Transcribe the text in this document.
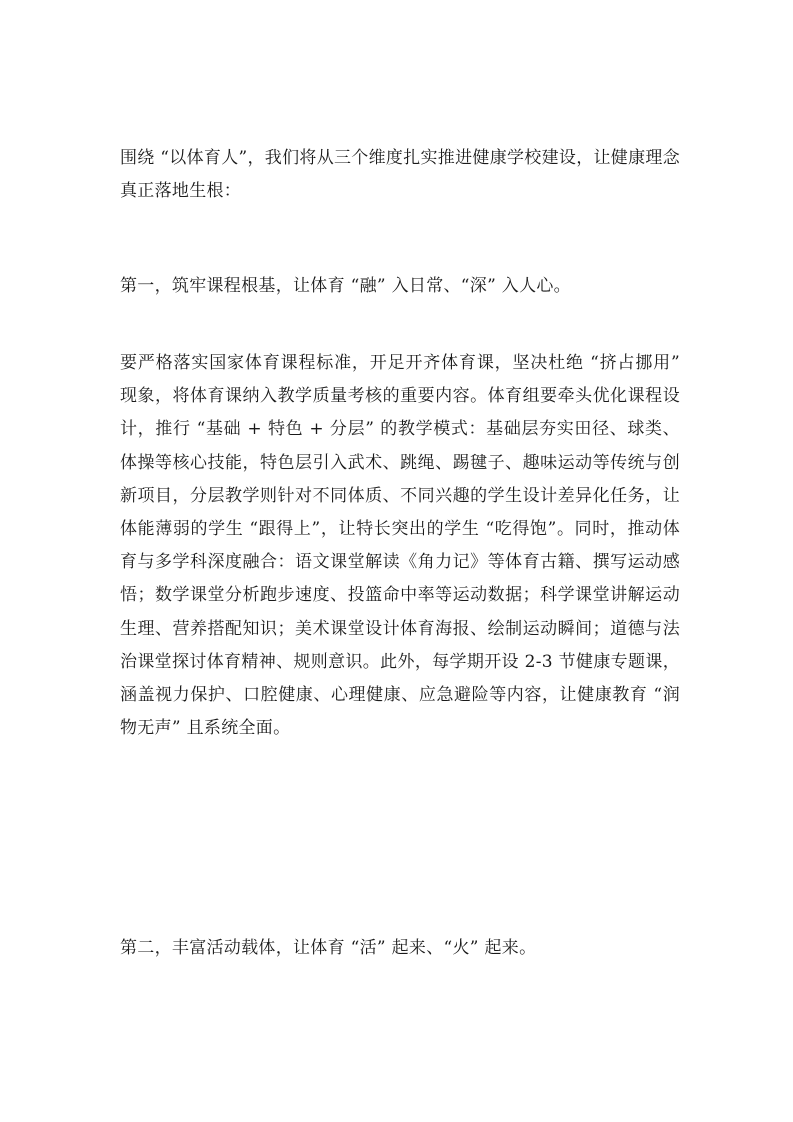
围绕 “以体育人”，我们将从三个维度扎实推进健康学校建设，让健康理念真正落地生根：

第一，筑牢课程根基，让体育 “融” 入日常、“深” 入人心。

要严格落实国家体育课程标准，开足开齐体育课，坚决杜绝 “挤占挪用” 现象，将体育课纳入教学质量考核的重要内容。体育组要牵头优化课程设计，推行 “基础 + 特色 + 分层” 的教学模式：基础层夯实田径、球类、体操等核心技能，特色层引入武术、跳绳、踢毽子、趣味运动等传统与创新项目，分层教学则针对不同体质、不同兴趣的学生设计差异化任务，让体能薄弱的学生 “跟得上”，让特长突出的学生 “吃得饱”。同时，推动体育与多学科深度融合：语文课堂解读《角力记》等体育古籍、撰写运动感悟；数学课堂分析跑步速度、投篮命中率等运动数据；科学课堂讲解运动生理、营养搭配知识；美术课堂设计体育海报、绘制运动瞬间；道德与法治课堂探讨体育精神、规则意识。此外，每学期开设 2-3 节健康专题课，涵盖视力保护、口腔健康、心理健康、应急避险等内容，让健康教育 “润物无声” 且系统全面。

第二，丰富活动载体，让体育 “活” 起来、“火” 起来。
